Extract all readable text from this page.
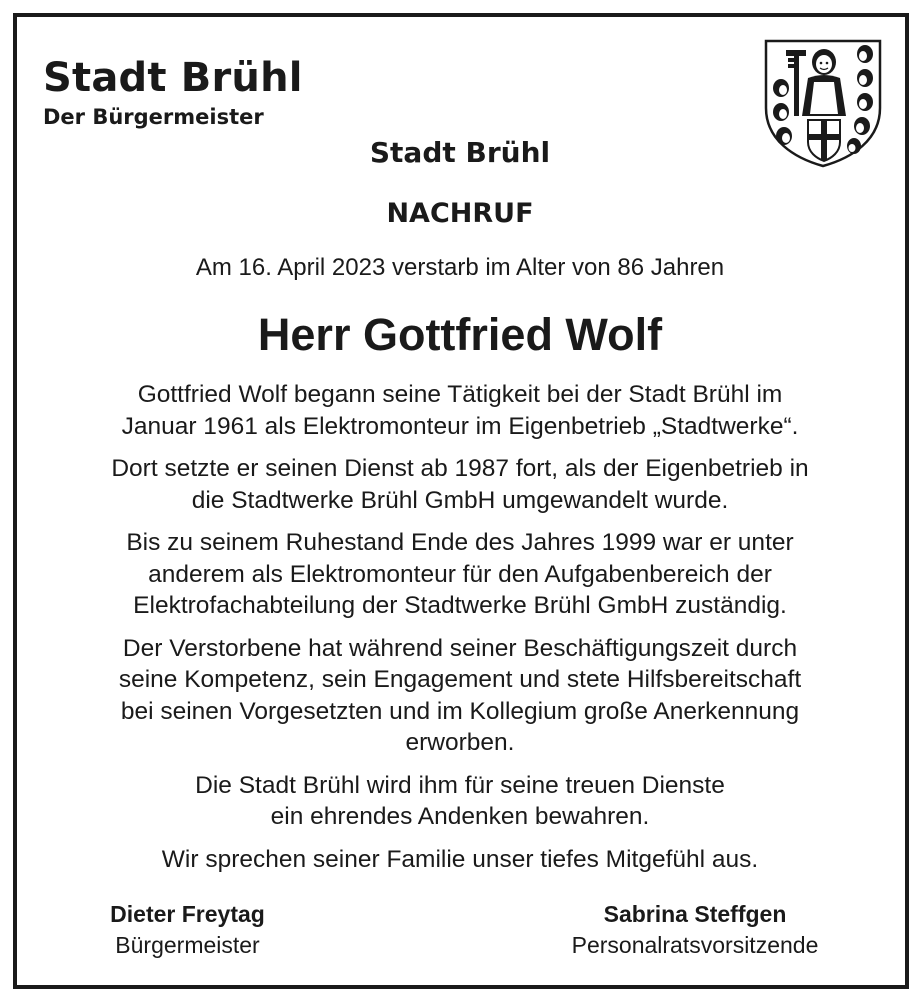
Stadt Brühl
Der Bürgermeister
Stadt Brühl
NACHRUF
Am 16. April 2023 verstarb im Alter von 86 Jahren
Herr Gottfried Wolf

Gottfried Wolf begann seine Tätigkeit bei der Stadt Brühl im
Januar 1961 als Elektromonteur im Eigenbetrieb „Stadtwerke“.

Dort setzte er seinen Dienst ab 1987 fort, als der Eigenbetrieb in
die Stadtwerke Brühl GmbH umgewandelt wurde.

Bis zu seinem Ruhestand Ende des Jahres 1999 war er unter
anderem als Elektromonteur für den Aufgabenbereich der
Elektrofachabteilung der Stadtwerke Brühl GmbH zuständig.

Der Verstorbene hat während seiner Beschäftigungszeit durch
seine Kompetenz, sein Engagement und stete Hilfsbereitschaft
bei seinen Vorgesetzten und im Kollegium große Anerkennung
erworben.

Die Stadt Brühl wird ihm für seine treuen Dienste
ein ehrendes Andenken bewahren.

Wir sprechen seiner Familie unser tiefes Mitgefühl aus.

Dieter Freytag
Bürgermeister
Sabrina Steffgen
Personalratsvorsitzende
